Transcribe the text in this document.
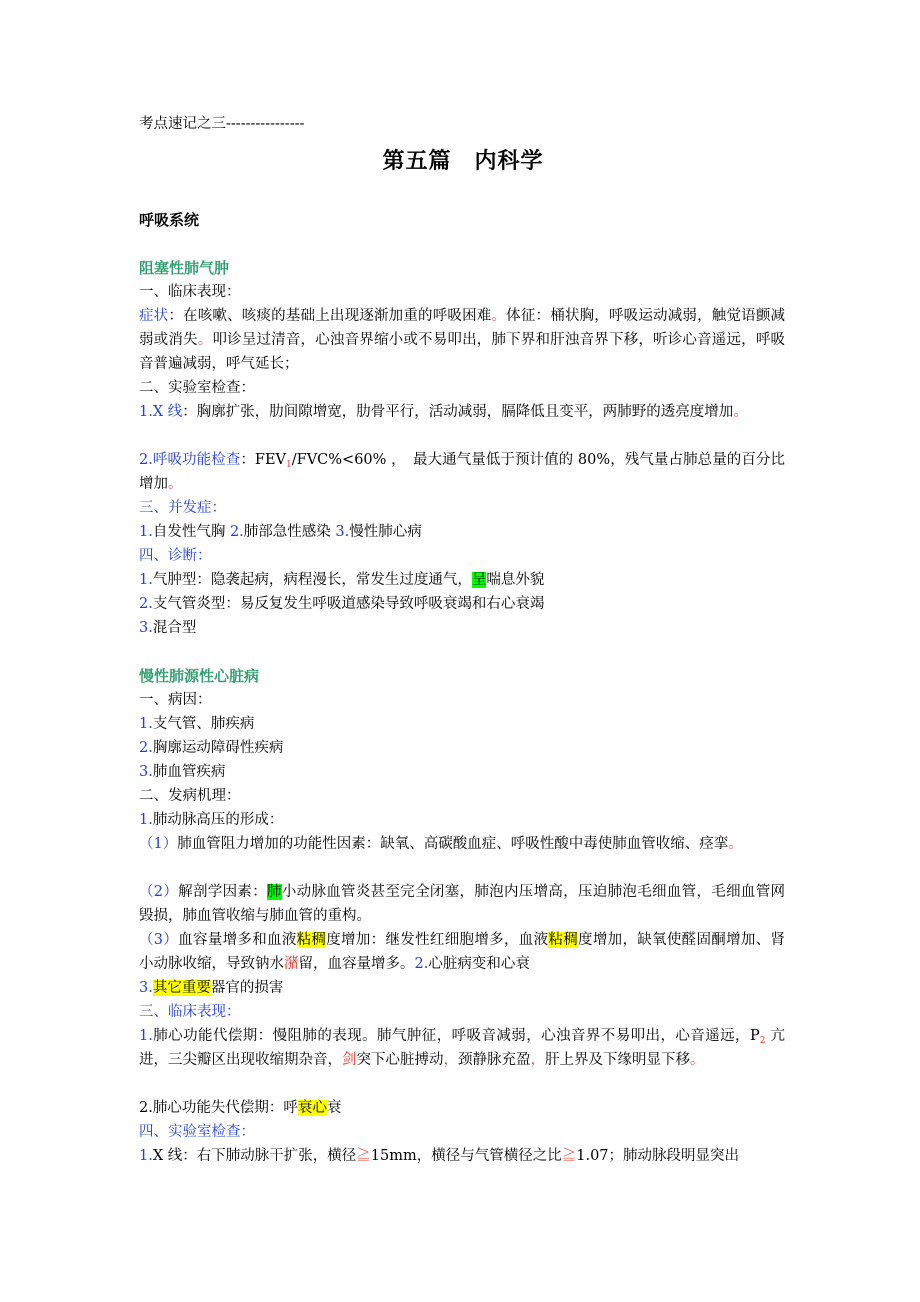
考点速记之三----------------
第五篇　内科学
呼吸系统
阻塞性肺气肿
一、临床表现：
症状：在咳嗽、咳痰的基础上出现逐渐加重的呼吸困难。体征：桶状胸，呼吸运动减弱，触觉语颤减弱或消失。叩诊呈过清音，心浊音界缩小或不易叩出，肺下界和肝浊音界下移，听诊心音遥远，呼吸音普遍减弱，呼气延长；
二、实验室检查：
1.X 线：胸廓扩张，肋间隙增宽，肋骨平行，活动减弱，膈降低且变平，两肺野的透亮度增加。
2.呼吸功能检查：$FEV_1/FVC\%<60\%$ ，　最大通气量低于预计值的 80%，残气量占肺总量的百分比增加。
三、并发症：
1.自发性气胸 2.肺部急性感染 3.慢性肺心病
四、诊断：
1.气肿型：隐袭起病，病程漫长，常发生过度通气，呈喘息外貌
2.支气管炎型：易反复发生呼吸道感染导致呼吸衰竭和右心衰竭
3.混合型
慢性肺源性心脏病
一、病因：
1.支气管、肺疾病
2.胸廓运动障碍性疾病
3.肺血管疾病
二、发病机理：
1.肺动脉高压的形成：
（1）肺血管阻力增加的功能性因素：缺氧、高碳酸血症、呼吸性酸中毒使肺血管收缩、痉挛。
（2）解剖学因素：肺小动脉血管炎甚至完全闭塞，肺泡内压增高，压迫肺泡毛细血管，毛细血管网毁损，肺血管收缩与肺血管的重构。
（3）血容量增多和血液粘稠度增加：继发性红细胞增多，血液粘稠度增加，缺氧使醛固酮增加、肾小动脉收缩，导致钠水潴留，血容量增多。2.心脏病变和心衰
3.其它重要器官的损害
三、临床表现：
1.肺心功能代偿期：慢阻肺的表现。肺气肿征，呼吸音减弱，心浊音界不易叩出，心音遥远，$P_2$ 亢进，三尖瓣区出现收缩期杂音，剑突下心脏搏动，颈静脉充盈，肝上界及下缘明显下移。
2.肺心功能失代偿期：呼衰心衰
四、实验室检查：
1.X 线：右下肺动脉干扩张，横径≧15mm，横径与气管横径之比≧1.07；肺动脉段明显突出
